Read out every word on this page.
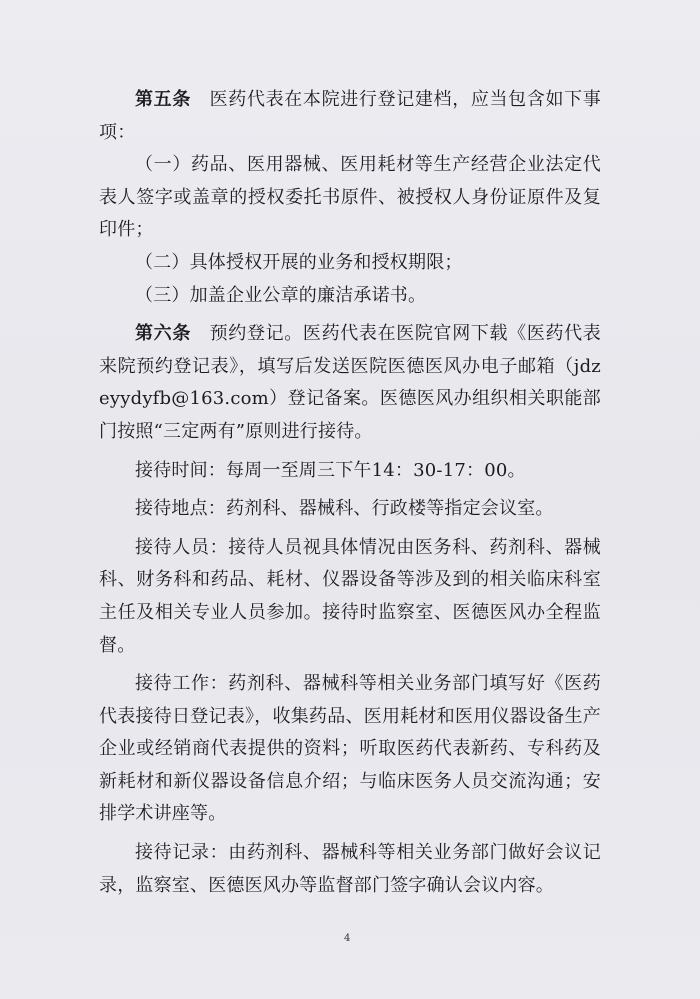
第五条  医药代表在本院进行登记建档，应当包含如下事项：

（一）药品、医用器械、医用耗材等生产经营企业法定代表人签字或盖章的授权委托书原件、被授权人身份证原件及复印件；

（二）具体授权开展的业务和授权期限；

（三）加盖企业公章的廉洁承诺书。

第六条  预约登记。医药代表在医院官网下载《医药代表来院预约登记表》，填写后发送医院医德医风办电子邮箱（jdzeyydyfb@163.com）登记备案。医德医风办组织相关职能部门按照“三定两有”原则进行接待。

接待时间：每周一至周三下午14：30-17：00。

接待地点：药剂科、器械科、行政楼等指定会议室。

接待人员：接待人员视具体情况由医务科、药剂科、器械科、财务科和药品、耗材、仪器设备等涉及到的相关临床科室主任及相关专业人员参加。接待时监察室、医德医风办全程监督。

接待工作：药剂科、器械科等相关业务部门填写好《医药代表接待日登记表》，收集药品、医用耗材和医用仪器设备生产企业或经销商代表提供的资料；听取医药代表新药、专科药及新耗材和新仪器设备信息介绍；与临床医务人员交流沟通；安排学术讲座等。

接待记录：由药剂科、器械科等相关业务部门做好会议记录，监察室、医德医风办等监督部门签字确认会议内容。

4
